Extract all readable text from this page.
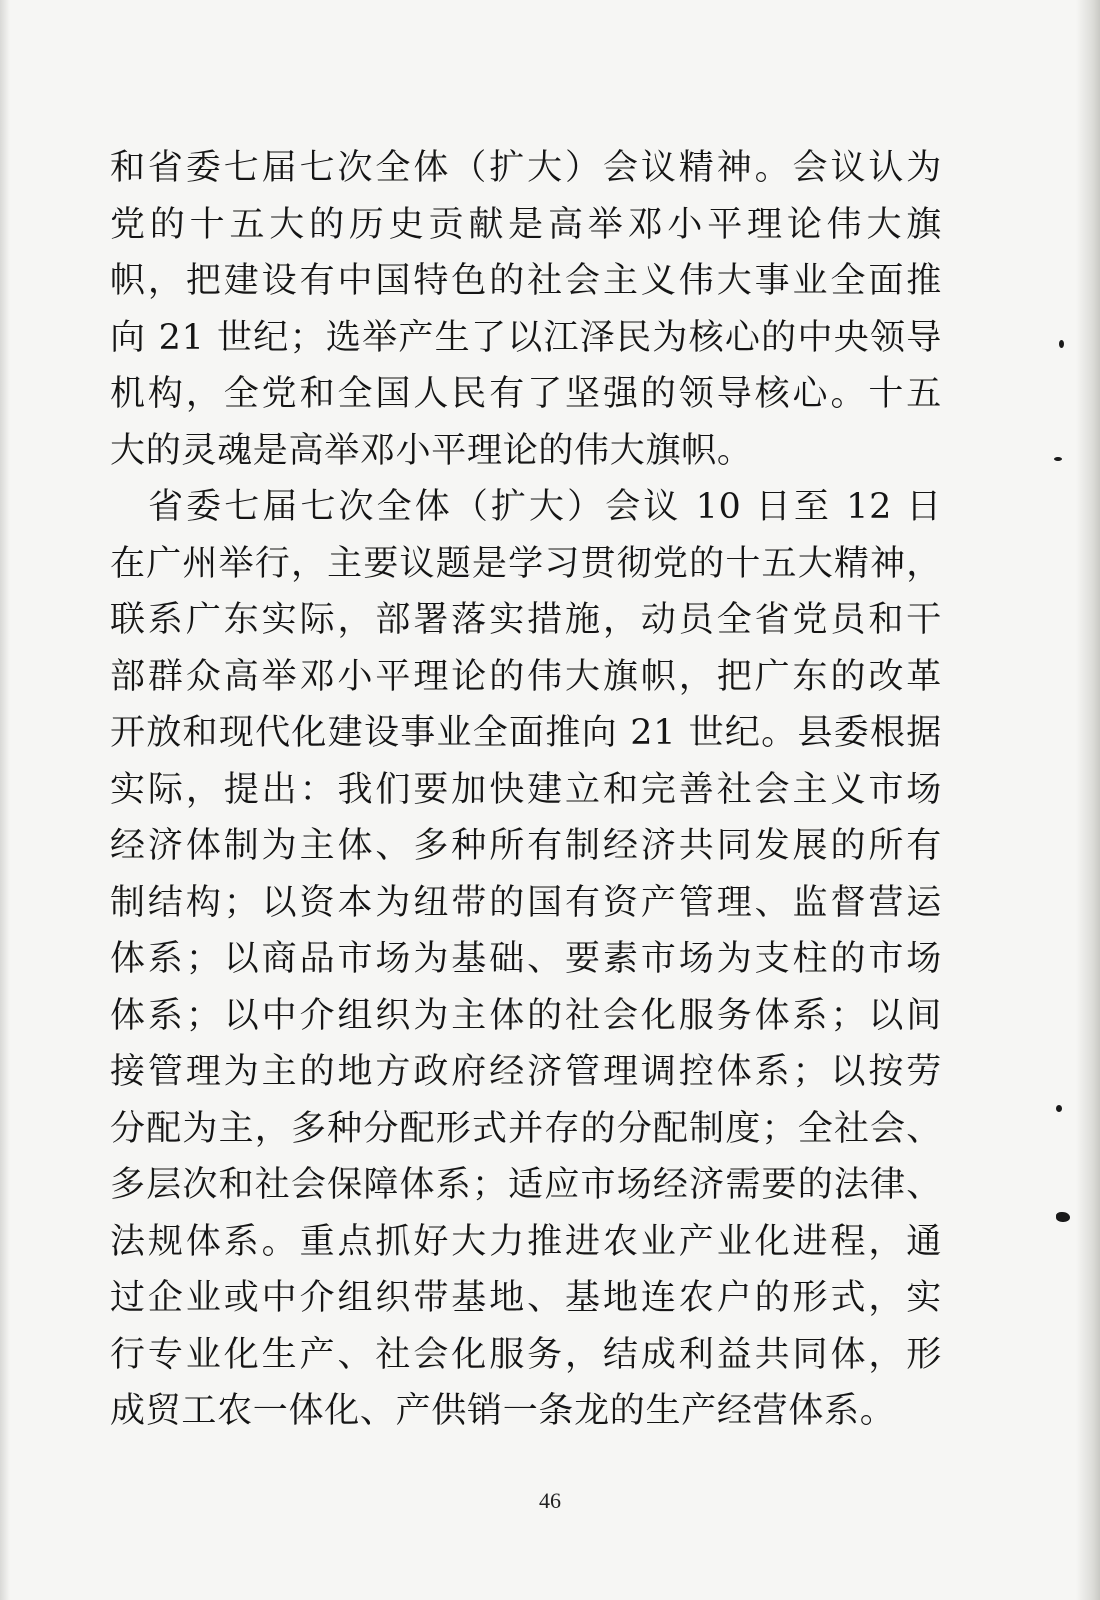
和省委七届七次全体（扩大）会议精神。会议认为
党的十五大的历史贡献是高举邓小平理论伟大旗
帜，把建设有中国特色的社会主义伟大事业全面推
向 21 世纪；选举产生了以江泽民为核心的中央领导
机构，全党和全国人民有了坚强的领导核心。十五
大的灵魂是高举邓小平理论的伟大旗帜。
　省委七届七次全体（扩大）会议 10 日至 12 日
在广州举行，主要议题是学习贯彻党的十五大精神，
联系广东实际，部署落实措施，动员全省党员和干
部群众高举邓小平理论的伟大旗帜，把广东的改革
开放和现代化建设事业全面推向 21 世纪。县委根据
实际，提出：我们要加快建立和完善社会主义市场
经济体制为主体、多种所有制经济共同发展的所有
制结构；以资本为纽带的国有资产管理、监督营运
体系；以商品市场为基础、要素市场为支柱的市场
体系；以中介组织为主体的社会化服务体系；以间
接管理为主的地方政府经济管理调控体系；以按劳
分配为主，多种分配形式并存的分配制度；全社会、
多层次和社会保障体系；适应市场经济需要的法律、
法规体系。重点抓好大力推进农业产业化进程，通
过企业或中介组织带基地、基地连农户的形式，实
行专业化生产、社会化服务，结成利益共同体，形
成贸工农一体化、产供销一条龙的生产经营体系。
46
